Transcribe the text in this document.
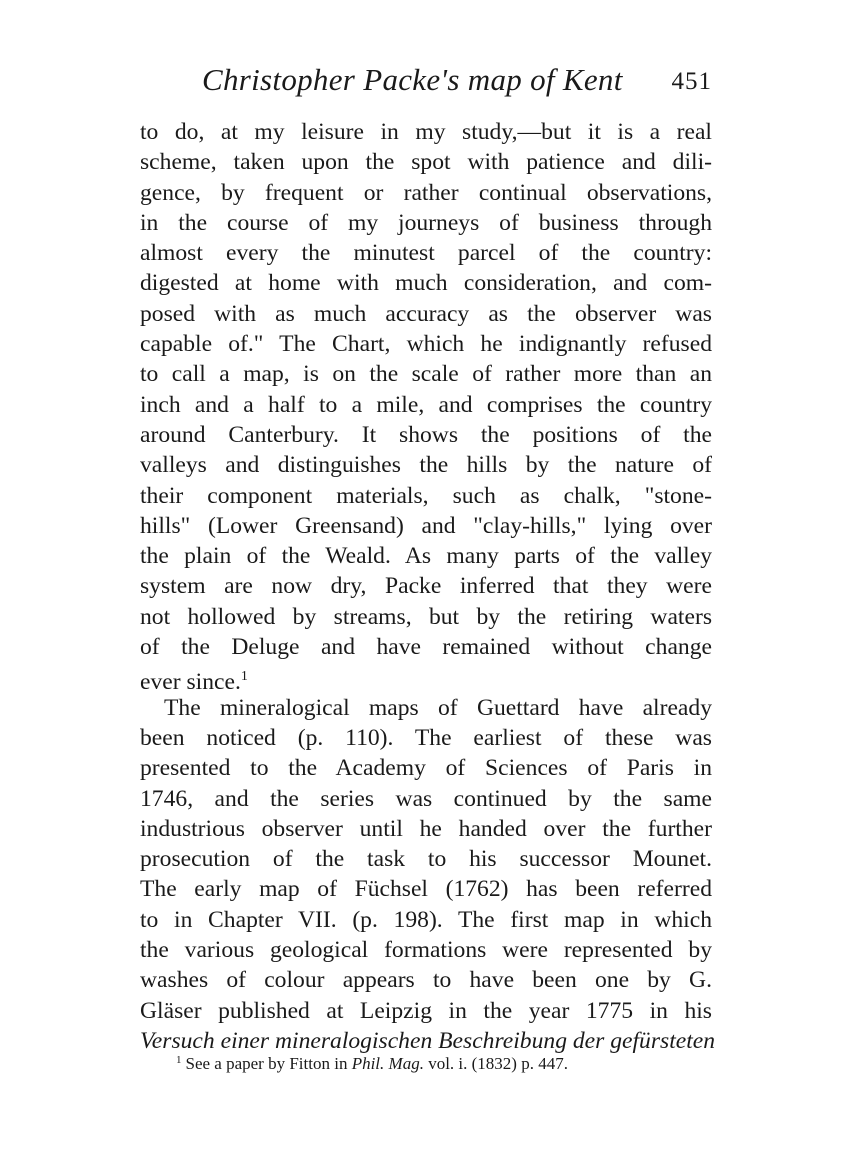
Christopher Packe's map of Kent 451
to do, at my leisure in my study,—but it is a real
scheme, taken upon the spot with patience and dili-
gence, by frequent or rather continual observations,
in the course of my journeys of business through
almost every the minutest parcel of the country:
digested at home with much consideration, and com-
posed with as much accuracy as the observer was
capable of." The Chart, which he indignantly refused
to call a map, is on the scale of rather more than an
inch and a half to a mile, and comprises the country
around Canterbury. It shows the positions of the
valleys and distinguishes the hills by the nature of
their component materials, such as chalk, "stone-
hills" (Lower Greensand) and "clay-hills," lying over
the plain of the Weald. As many parts of the valley
system are now dry, Packe inferred that they were
not hollowed by streams, but by the retiring waters
of the Deluge and have remained without change
ever since.$^1$
The mineralogical maps of Guettard have already
been noticed (p. 110). The earliest of these was
presented to the Academy of Sciences of Paris in
1746, and the series was continued by the same
industrious observer until he handed over the further
prosecution of the task to his successor Mounet.
The early map of Füchsel (1762) has been referred
to in Chapter VII. (p. 198). The first map in which
the various geological formations were represented by
washes of colour appears to have been one by G.
Gläser published at Leipzig in the year 1775 in his
Versuch einer mineralogischen Beschreibung der gefürsteten
$^1$ See a paper by Fitton in Phil. Mag. vol. i. (1832) p. 447.
